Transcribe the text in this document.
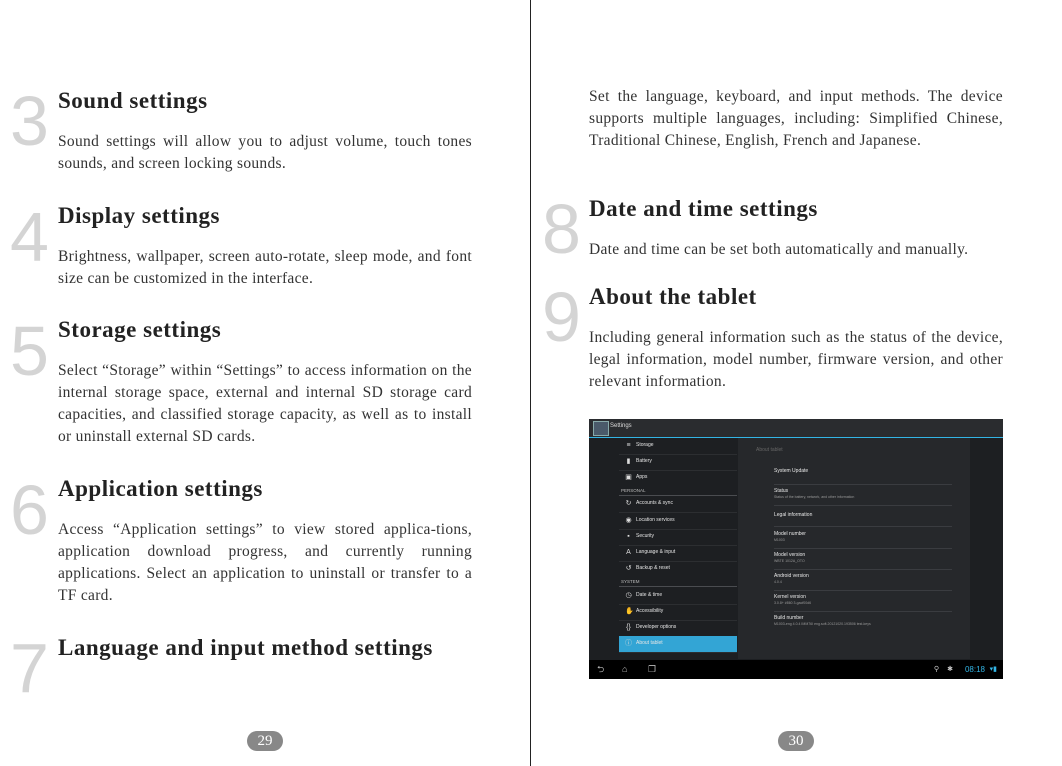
3 Sound settings
Sound settings will allow you to adjust volume, touch tones sounds, and screen locking sounds.
4 Display settings
Brightness, wallpaper, screen auto-rotate, sleep mode, and font size can be customized in the interface.
5 Storage settings
Select “Storage” within “Settings” to access information on the internal storage space, external and internal SD storage card capacities, and classified storage capacity, as well as to install or uninstall external SD cards.
6 Application settings
Access “Application settings” to view stored applica-tions, application download progress, and currently running applications. Select an application to uninstall or transfer to a TF card.
7 Language and input method settings
29
Set the language, keyboard, and input methods. The device supports multiple languages, including: Simplified Chinese, Traditional Chinese, English, French and Japanese.
8 Date and time settings
Date and time can be set both automatically and manually.
9 About the tablet
Including general information such as the status of the device, legal information, model number, firmware version, and other relevant information.
Settings
≡ Storage
▮	Battery
▣ Apps
PERSONAL
↻ Accounts & sync
◉ Location services
▪	Security
A Language & input
↺ Backup & reset
SYSTEM
◷ Date & time
✋ Accessibility
{} Developer options
ⓘ About tablet
About tablet
System Update
Status
Status of the battery, network, and other information
Legal information
Model number
M1003
Model version
WBTE 1012A_OTO
Android version
4.0.4
Kernel version
3.0.8+ #860 3-gacf00d6
Build number
M1003-eng 4.0.4 IMM76I eng.soft.20121020.193506 test-keys
⮌ ⌂ ❐	⚲ ✱ 08:18 ▾▮
30
